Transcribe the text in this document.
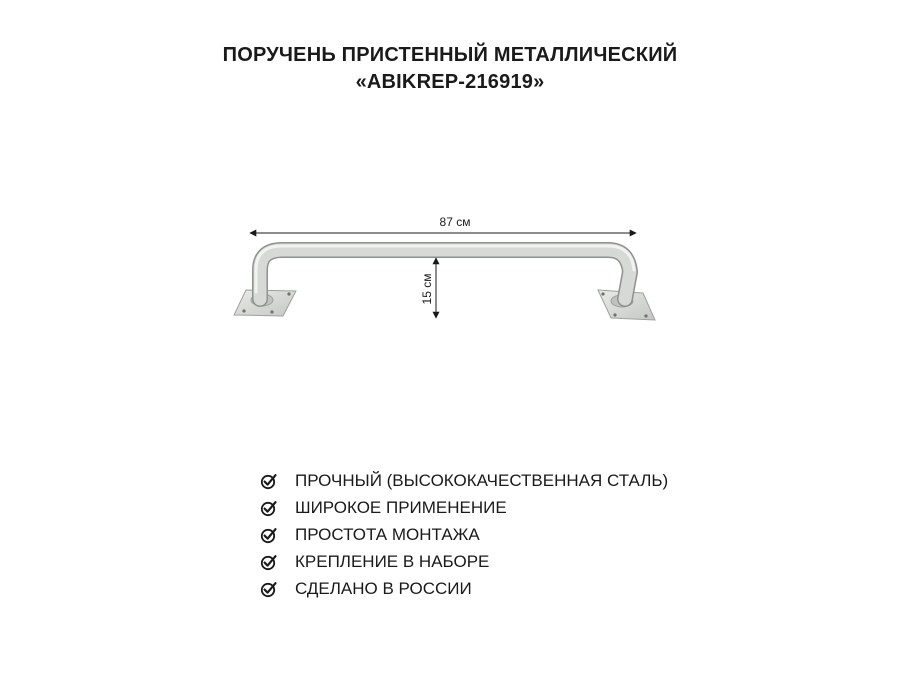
ПОРУЧЕНЬ ПРИСТЕННЫЙ МЕТАЛЛИЧЕСКИЙ
«ABIKREP-216919»
87 см
15 см
ПРОЧНЫЙ (ВЫСОКОКАЧЕСТВЕННАЯ СТАЛЬ)
ШИРОКОЕ ПРИМЕНЕНИЕ
ПРОСТОТА МОНТАЖА
КРЕПЛЕНИЕ В НАБОРЕ
СДЕЛАНО В РОССИИ
